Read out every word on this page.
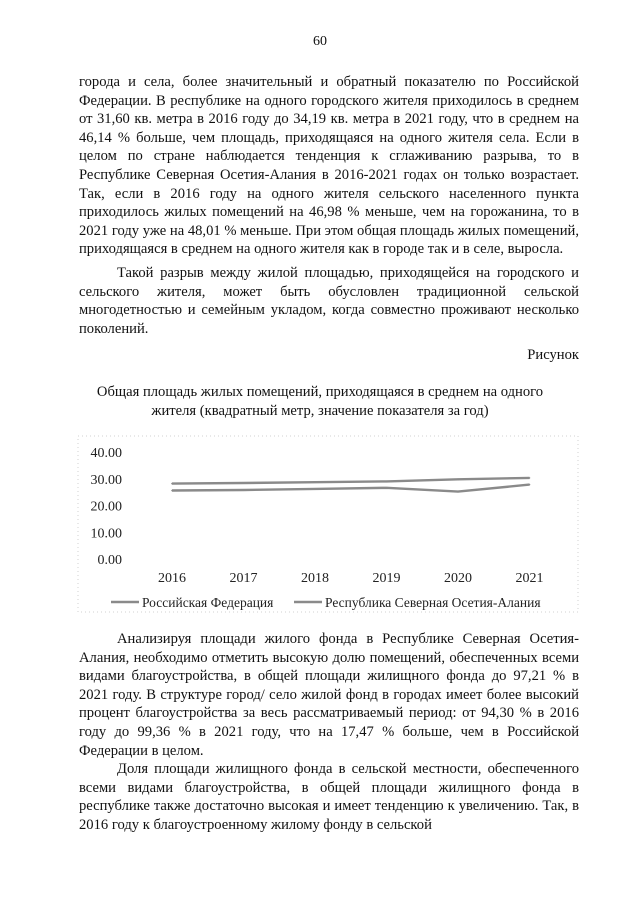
60

города и села, более значительный и обратный показателю по Российской Федерации. В республике на одного городского жителя приходилось в среднем от 31,60 кв. метра в 2016 году до 34,19 кв. метра в 2021 году, что в среднем на 46,14 % больше, чем площадь, приходящаяся на одного жителя села. Если в целом по стране наблюдается тенденция к сглаживанию разрыва, то в Республике Северная Осетия-Алания в 2016-2021 годах он только возрастает. Так, если в 2016 году на одного жителя сельского населенного пункта приходилось жилых помещений на 46,98 % меньше, чем на горожанина, то в 2021 году уже на 48,01 % меньше. При этом общая площадь жилых помещений, приходящаяся в среднем на одного жителя как в городе так и в селе, выросла.

Такой разрыв между жилой площадью, приходящейся на городского и сельского жителя, может быть обусловлен традиционной сельской многодетностью и семейным укладом, когда совместно проживают несколько поколений.

Рисунок
Общая площадь жилых помещений, приходящаяся в среднем на одного жителя (квадратный метр, значение показателя за год)
40.00
30.00
20.00
10.00
0.00
2016	2017	2018	2019	2020	2021
Российская Федерация	Республика Северная Осетия-Алания

Анализируя площади жилого фонда в Республике Северная Осетия-Алания, необходимо отметить высокую долю помещений, обеспеченных всеми видами благоустройства, в общей площади жилищного фонда до 97,21 % в 2021 году. В структуре город/ село жилой фонд в городах имеет более высокий процент благоустройства за весь рассматриваемый период: от 94,30 % в 2016 году до 99,36 % в 2021 году, что на 17,47 % больше, чем в Российской Федерации в целом.

Доля площади жилищного фонда в сельской местности, обеспеченного всеми видами благоустройства, в общей площади жилищного фонда в республике также достаточно высокая и имеет тенденцию к увеличению. Так, в 2016 году к благоустроенному жилому фонду в сельской
